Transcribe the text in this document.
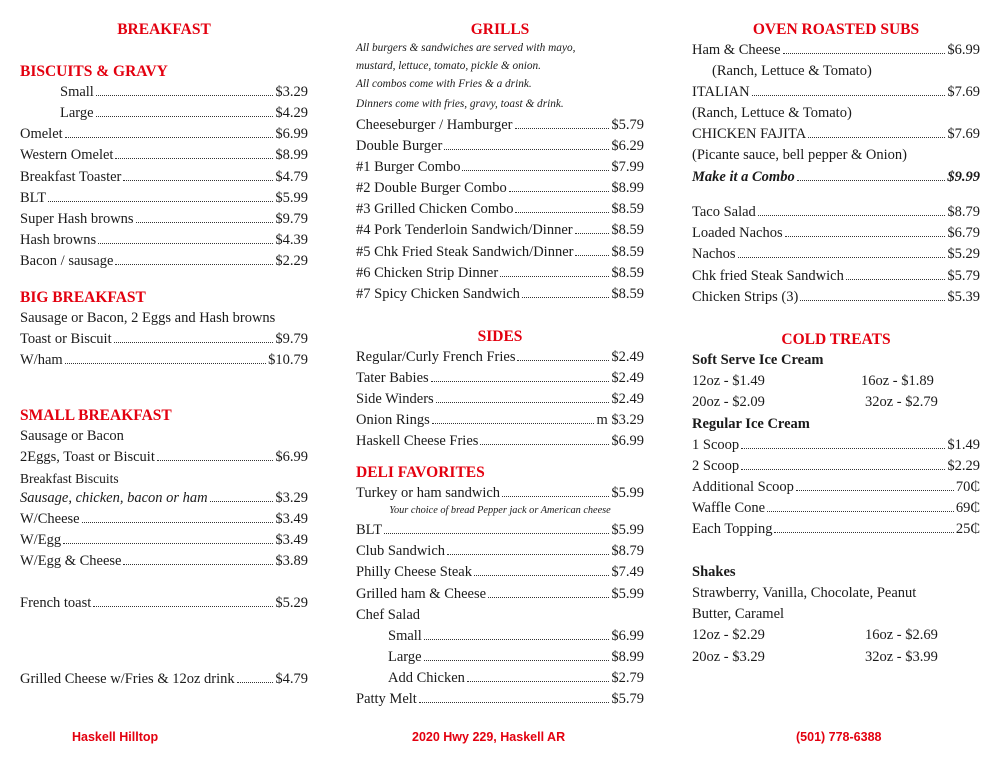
BREAKFAST
BISCUITS & GRAVY
Small	$3.29
Large	$4.29
Omelet	$6.99
Western Omelet	$8.99
Breakfast Toaster	$4.79
BLT	$5.99
Super Hash browns	$9.79
Hash browns	$4.39
Bacon / sausage	$2.29
BIG BREAKFAST
Sausage or Bacon, 2 Eggs and Hash browns
Toast or Biscuit	$9.79
W/ham	$10.79
SMALL BREAKFAST
Sausage or Bacon
2Eggs, Toast or Biscuit	$6.99
Breakfast Biscuits
Sausage, chicken, bacon or ham	$3.29
W/Cheese	$3.49
W/Egg	$3.49
W/Egg & Cheese	$3.89
French toast	$5.29
Grilled Cheese w/Fries & 12oz drink	$4.79
GRILLS
All burgers & sandwiches are served with mayo,
mustard, lettuce, tomato, pickle & onion.
All combos come with Fries & a drink.
Dinners come with fries, gravy, toast & drink.
Cheeseburger / Hamburger	$5.79
Double Burger	$6.29
#1 Burger Combo	$7.99
#2 Double Burger Combo	$8.99
#3 Grilled Chicken Combo	$8.59
#4 Pork Tenderloin Sandwich/Dinner	$8.59
#5 Chk Fried Steak Sandwich/Dinner	$8.59
#6 Chicken Strip Dinner	$8.59
#7 Spicy Chicken Sandwich	$8.59
SIDES
Regular/Curly French Fries	$2.49
Tater Babies	$2.49
Side Winders	$2.49
Onion Rings	m $3.29
Haskell Cheese Fries	$6.99
DELI FAVORITES
Turkey or ham sandwich	$5.99
Your choice of bread Pepper jack or American cheese
BLT	$5.99
Club Sandwich	$8.79
Philly Cheese Steak	$7.49
Grilled ham & Cheese	$5.99
Chef Salad
Small	$6.99
Large	$8.99
Add Chicken	$2.79
Patty Melt	$5.79
OVEN ROASTED SUBS
Ham & Cheese	$6.99
(Ranch, Lettuce & Tomato)
ITALIAN	$7.69
(Ranch, Lettuce & Tomato)
CHICKEN FAJITA	$7.69
(Picante sauce, bell pepper & Onion)
Make it a Combo	$9.99
Taco Salad	$8.79
Loaded Nachos	$6.79
Nachos	$5.29
Chk fried Steak Sandwich	$5.79
Chicken Strips (3)	$5.39
COLD TREATS
Soft Serve Ice Cream
12oz - $1.49	16oz - $1.89
20oz - $2.09	32oz - $2.79
Regular Ice Cream
1 Scoop	$1.49
2 Scoop	$2.29
Additional Scoop	70₵
Waffle Cone	69₵
Each Topping	25₵
Shakes
Strawberry, Vanilla, Chocolate, Peanut
Butter, Caramel
12oz - $2.29	16oz - $2.69
20oz - $3.29	32oz - $3.99
Haskell Hilltop	2020 Hwy 229, Haskell AR	(501) 778-6388
